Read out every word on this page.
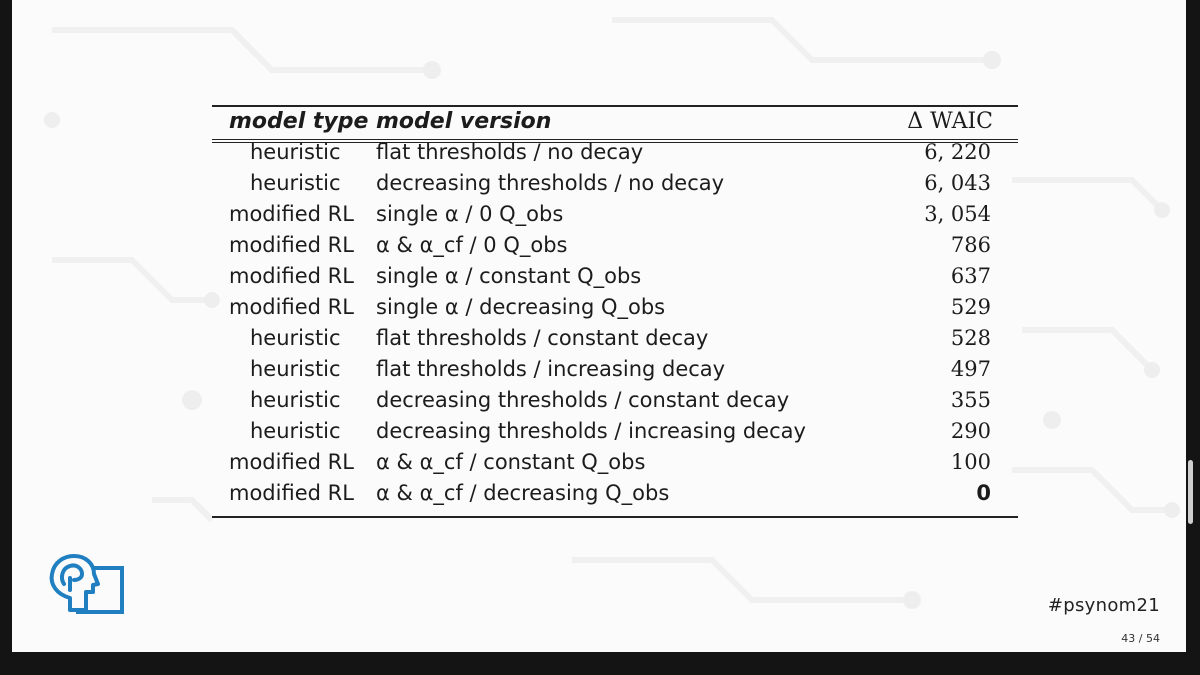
model type	model version	Δ WAIC
heuristic	flat thresholds / no decay	6, 220
heuristic	decreasing thresholds / no decay	6, 043
modified RL	single α / 0 Q_obs	3, 054
modified RL	α & α_cf / 0 Q_obs	786
modified RL	single α / constant Q_obs	637
modified RL	single α / decreasing Q_obs	529
heuristic	flat thresholds / constant decay	528
heuristic	flat thresholds / increasing decay	497
heuristic	decreasing thresholds / constant decay	355
heuristic	decreasing thresholds / increasing decay	290
modified RL	α & α_cf / constant Q_obs	100
modified RL	α & α_cf / decreasing Q_obs	0
#psynom21
43 / 54
